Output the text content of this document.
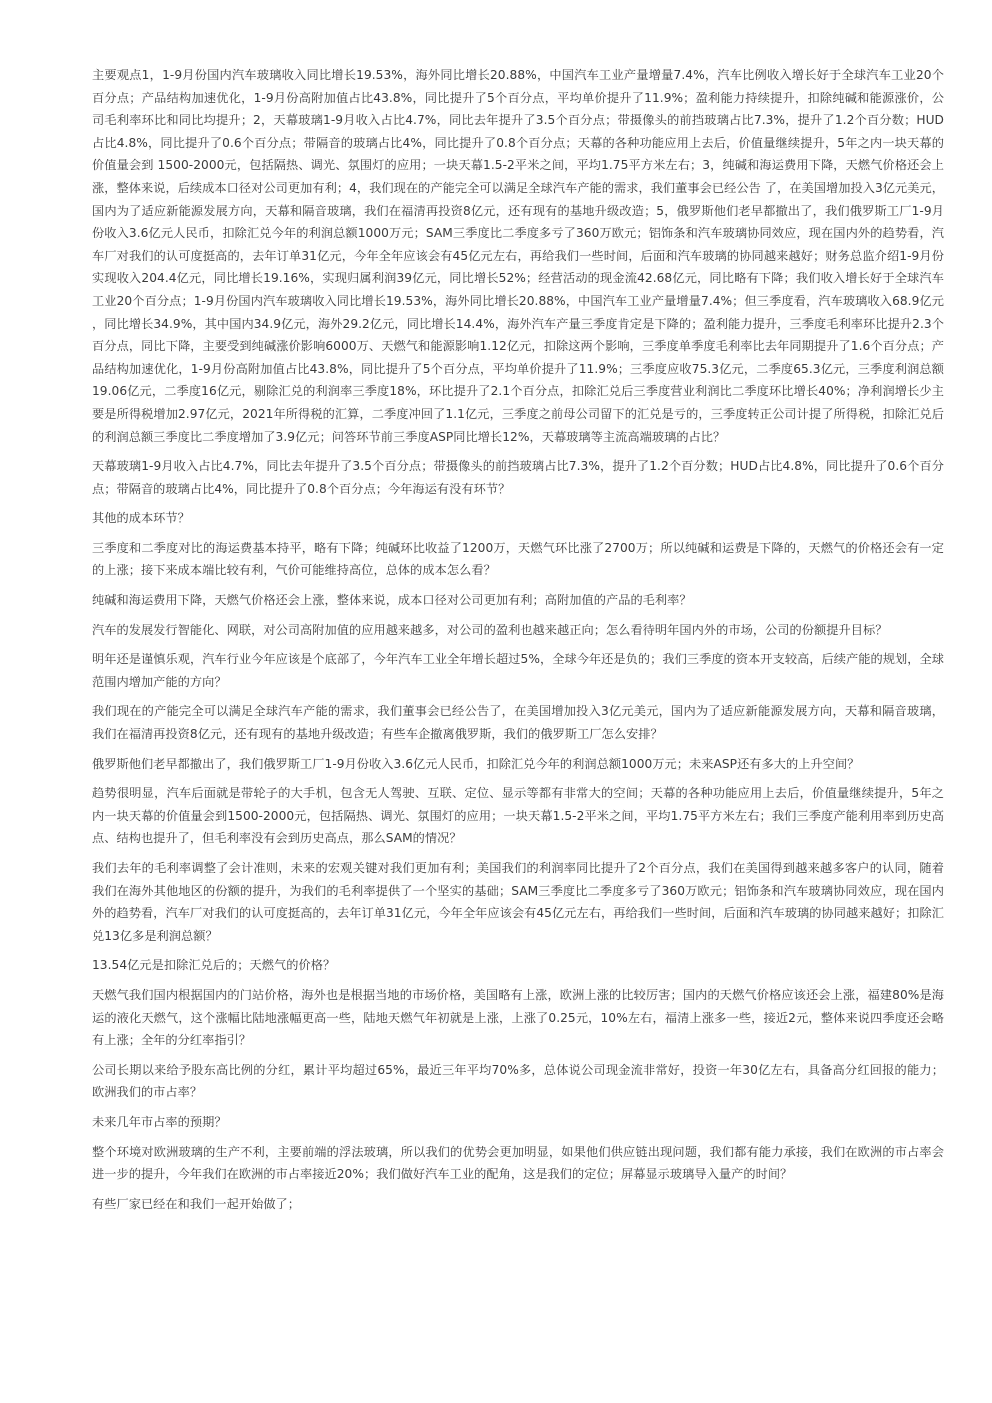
主要观点1，1-9月份国内汽车玻璃收入同比增长19.53%，海外同比增长20.88%，中国汽车工业产量增量7.4%，汽车比例收入增长好于全球汽车工业20个百分点；产品结构加速优化，1-9月份高附加值占比43.8%，同比提升了5个百分点，平均单价提升了11.9%；盈利能力持续提升，扣除纯碱和能源涨价，公司毛利率环比和同比均提升；2，天幕玻璃1-9月收入占比4.7%，同比去年提升了3.5个百分点；带摄像头的前挡玻璃占比7.3%，提升了1.2个百分数；HUD占比4.8%，同比提升了0.6个百分点；带隔音的玻璃占比4%，同比提升了0.8个百分点；天幕的各种功能应用上去后，价值量继续提升，5年之内一块天幕的价值量会到 1500-2000元，包括隔热、调光、氛围灯的应用；一块天幕1.5-2平米之间，平均1.75平方米左右；3，纯碱和海运费用下降，天燃气价格还会上涨，整体来说，后续成本口径对公司更加有利；4，我们现在的产能完全可以满足全球汽车产能的需求，我们董事会已经公告 了，在美国增加投入3亿元美元，国内为了适应新能源发展方向，天幕和隔音玻璃，我们在福清再投资8亿元，还有现有的基地升级改造；5，俄罗斯他们老早都撤出了，我们俄罗斯工厂1-9月份收入3.6亿元人民币，扣除汇兑今年的利润总额1000万元；SAM三季度比二季度多亏了360万欧元；铝饰条和汽车玻璃协同效应，现在国内外的趋势看，汽车厂对我们的认可度挺高的，去年订单31亿元，今年全年应该会有45亿元左右，再给我们一些时间，后面和汽车玻璃的协同越来越好；财务总监介绍1-9月份实现收入204.4亿元，同比增长19.16%，实现归属利润39亿元，同比增长52%；经营活动的现金流42.68亿元，同比略有下降；我们收入增长好于全球汽车工业20个百分点；1-9月份国内汽车玻璃收入同比增长19.53%，海外同比增长20.88%，中国汽车工业产量增量7.4%；但三季度看，汽车玻璃收入68.9亿元，同比增长34.9%，其中国内34.9亿元，海外29.2亿元，同比增长14.4%，海外汽车产量三季度肯定是下降的；盈利能力提升，三季度毛利率环比提升2.3个百分点，同比下降，主要受到纯碱涨价影响6000万、天燃气和能源影响1.12亿元，扣除这两个影响，三季度单季度毛利率比去年同期提升了1.6个百分点；产品结构加速优化，1-9月份高附加值占比43.8%，同比提升了5个百分点，平均单价提升了11.9%；三季度应收75.3亿元，二季度65.3亿元，三季度利润总额19.06亿元，二季度16亿元，剔除汇兑的利润率三季度18%，环比提升了2.1个百分点，扣除汇兑后三季度营业利润比二季度环比增长40%；净利润增长少主要是所得税增加2.97亿元，2021年所得税的汇算，二季度冲回了1.1亿元，三季度之前母公司留下的汇兑是亏的，三季度转正公司计提了所得税，扣除汇兑后的利润总额三季度比二季度增加了3.9亿元；问答环节前三季度ASP同比增长12%，天幕玻璃等主流高端玻璃的占比？

天幕玻璃1-9月收入占比4.7%，同比去年提升了3.5个百分点；带摄像头的前挡玻璃占比7.3%，提升了1.2个百分数；HUD占比4.8%，同比提升了0.6个百分点；带隔音的玻璃占比4%，同比提升了0.8个百分点；今年海运有没有环节？

其他的成本环节？

三季度和二季度对比的海运费基本持平，略有下降；纯碱环比收益了1200万，天燃气环比涨了2700万；所以纯碱和运费是下降的，天燃气的价格还会有一定的上涨；接下来成本端比较有利，气价可能维持高位，总体的成本怎么看？

纯碱和海运费用下降，天燃气价格还会上涨，整体来说，成本口径对公司更加有利；高附加值的产品的毛利率？

汽车的发展发行智能化、网联，对公司高附加值的应用越来越多，对公司的盈利也越来越正向；怎么看待明年国内外的市场，公司的份额提升目标？

明年还是谨慎乐观，汽车行业今年应该是个底部了，今年汽车工业全年增长超过5%，全球今年还是负的；我们三季度的资本开支较高，后续产能的规划，全球范围内增加产能的方向？

我们现在的产能完全可以满足全球汽车产能的需求，我们董事会已经公告了，在美国增加投入3亿元美元，国内为了适应新能源发展方向，天幕和隔音玻璃，我们在福清再投资8亿元，还有现有的基地升级改造；有些车企撤离俄罗斯，我们的俄罗斯工厂怎么安排？

俄罗斯他们老早都撤出了，我们俄罗斯工厂1-9月份收入3.6亿元人民币，扣除汇兑今年的利润总额1000万元；未来ASP还有多大的上升空间？

趋势很明显，汽车后面就是带轮子的大手机，包含无人驾驶、互联、定位、显示等都有非常大的空间；天幕的各种功能应用上去后，价值量继续提升，5年之内一块天幕的价值量会到1500-2000元，包括隔热、调光、氛围灯的应用；一块天幕1.5-2平米之间，平均1.75平方米左右；我们三季度产能利用率到历史高点、结构也提升了，但毛利率没有会到历史高点，那么SAM的情况？

我们去年的毛利率调整了会计准则，未来的宏观关键对我们更加有利；美国我们的利润率同比提升了2个百分点，我们在美国得到越来越多客户的认同，随着我们在海外其他地区的份额的提升，为我们的毛利率提供了一个坚实的基础；SAM三季度比二季度多亏了360万欧元；铝饰条和汽车玻璃协同效应，现在国内外的趋势看，汽车厂对我们的认可度挺高的，去年订单31亿元，今年全年应该会有45亿元左右，再给我们一些时间，后面和汽车玻璃的协同越来越好；扣除汇兑13亿多是利润总额？

13.54亿元是扣除汇兑后的；天燃气的价格？

天燃气我们国内根据国内的门站价格，海外也是根据当地的市场价格，美国略有上涨，欧洲上涨的比较厉害；国内的天燃气价格应该还会上涨，福建80%是海运的液化天燃气，这个涨幅比陆地涨幅更高一些，陆地天燃气年初就是上涨，上涨了0.25元，10%左右，福清上涨多一些，接近2元，整体来说四季度还会略有上涨；全年的分红率指引？

公司长期以来给予股东高比例的分红，累计平均超过65%，最近三年平均70%多，总体说公司现金流非常好，投资一年30亿左右，具备高分红回报的能力；欧洲我们的市占率？

未来几年市占率的预期？

整个环境对欧洲玻璃的生产不利，主要前端的浮法玻璃，所以我们的优势会更加明显，如果他们供应链出现问题，我们都有能力承接，我们在欧洲的市占率会进一步的提升，今年我们在欧洲的市占率接近20%；我们做好汽车工业的配角，这是我们的定位；屏幕显示玻璃导入量产的时间？

有些厂家已经在和我们一起开始做了；
